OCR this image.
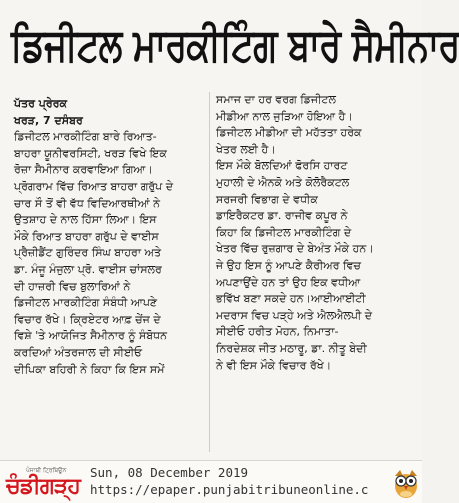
ਡਿਜੀਟਲ ਮਾਰਕੀਟਿੰਗ ਬਾਰੇ ਸੈਮੀਨਾਰ
ਪੱਤਰ ਪ੍ਰੇਰਕ
ਖਰੜ, 7 ਦਸੰਬਰ
ਡਿਜੀਟਲ ਮਾਰਕੀਟਿੰਗ ਬਾਰੇ ਰਿਆਤ-
ਬਾਹਰਾ ਯੂਨੀਵਰਸਿਟੀ, ਖਰੜ ਵਿਖੇ ਇਕ
ਰੋਜ਼ਾ ਸੈਮੀਨਾਰ ਕਰਵਾਇਆ ਗਿਆ।
ਪ੍ਰੋਗਰਾਮ ਵਿੱਚ ਰਿਆਤ ਬਾਹਰਾ ਗਰੁੱਪ ਦੇ
ਚਾਰ ਸੌ ਤੋਂ ਵੀ ਵੱਧ ਵਿਦਿਆਰਥੀਆਂ ਨੇ
ਉਤਸ਼ਾਹ ਦੇ ਨਾਲ ਹਿੱਸਾ ਲਿਆ। ਇਸ
ਮੌਕੇ ਰਿਆਤ ਬਾਹਰਾ ਗਰੁੱਪ ਦੇ ਵਾਈਸ
ਪ੍ਰੈਜ਼ੀਡੈਂਟ ਗੁਰਿੰਦਰ ਸਿੰਘ ਬਾਹਰਾ ਅਤੇ
ਡਾ. ਮੰਜੂ ਮੰਜੁਲਾ ਪ੍ਰੋ. ਵਾਈਸ ਚਾਂਸਲਰ
ਦੀ ਹਾਜ਼ਰੀ ਵਿਚ ਬੁਲਾਰਿਆਂ ਨੇ
ਡਿਜੀਟਲ ਮਾਰਕੀਟਿੰਗ ਸੰਬੰਧੀ ਆਪਣੇ
ਵਿਚਾਰ ਰੱਖੇ। ਕ੍ਰਿਏਟਰ ਆਫ਼ ਚੇਂਜ ਦੇ
ਵਿਸ਼ੇ 'ਤੇ ਆਯੋਜਿਤ ਸੈਮੀਨਾਰ ਨੂੰ ਸੰਬੋਧਨ
ਕਰਦਿਆਂ ਅੰਤਰਜਾਲ ਦੀ ਸੀਈਓ
ਦੀਪਿਕਾ ਬਹਿਰੀ ਨੇ ਕਿਹਾ ਕਿ ਇਸ ਸਮੇਂ
ਸਮਾਜ ਦਾ ਹਰ ਵਰਗ ਡਿਜੀਟਲ
ਮੀਡੀਆ ਨਾਲ ਜੁੜਿਆ ਹੋਇਆ ਹੈ।
ਡਿਜੀਟਲ ਮੀਡੀਆ ਦੀ ਮਹੱਤਤਾ ਹਰੇਕ
ਖੇਤਰ ਲਈ ਹੈ।
ਇਸ ਮੌਕੇ ਬੋਲਦਿਆਂ ਫੋਰਸਿ ਹਾਰਟ
ਮੁਹਾਲੀ ਦੇ ਐਨਕੋ ਅਤੇ ਕੋਲੋਰੈਕਟਲ
ਸਰਜਰੀ ਵਿਭਾਗ ਦੇ ਵਧੀਕ
ਡਾਇਰੈਕਟਰ ਡਾ. ਰਾਜੀਵ ਕਪੂਰ ਨੇ
ਕਿਹਾ ਕਿ ਡਿਜੀਟਲ ਮਾਰਕੀਟਿੰਗ ਦੇ
ਖੇਤਰ ਵਿੱਚ ਰੁਜ਼ਗਾਰ ਦੇ ਬੇਅੰਤ ਮੌਕੇ ਹਨ।
ਜੇ ਉਹ ਇਸ ਨੂੰ ਆਪਣੇ ਕੈਰੀਅਰ ਵਿਚ
ਅਪਣਾਉਂਦੇ ਹਨ ਤਾਂ ਉਹ ਇਕ ਵਧੀਆ
ਭਵਿੱਖ ਬਣਾ ਸਕਦੇ ਹਨ।ਆਈਆਈਟੀ
ਮਦਰਾਸ ਵਿਚ ਪੜ੍ਹੇ ਅਤੇ ਐਲਐਲਪੀ ਦੇ
ਸੀਈਓ ਹਰੀਤ ਮੋਹਨ, ਨਿਮਾਤਾ-
ਨਿਰਦੇਸ਼ਕ ਜੀਤ ਮਠਾਰੂ, ਡਾ. ਨੀਤੂ ਬੇਦੀ
ਨੇ ਵੀ ਇਸ ਮੌਕੇ ਵਿਚਾਰ ਰੱਖੇ।
ਪੰਜਾਬੀ ਟ੍ਰਿਬਿਊਨ
ਚੰਡੀਗੜ੍ਹ
Sun, 08 December 2019
https://epaper.punjabitribuneonline.c
